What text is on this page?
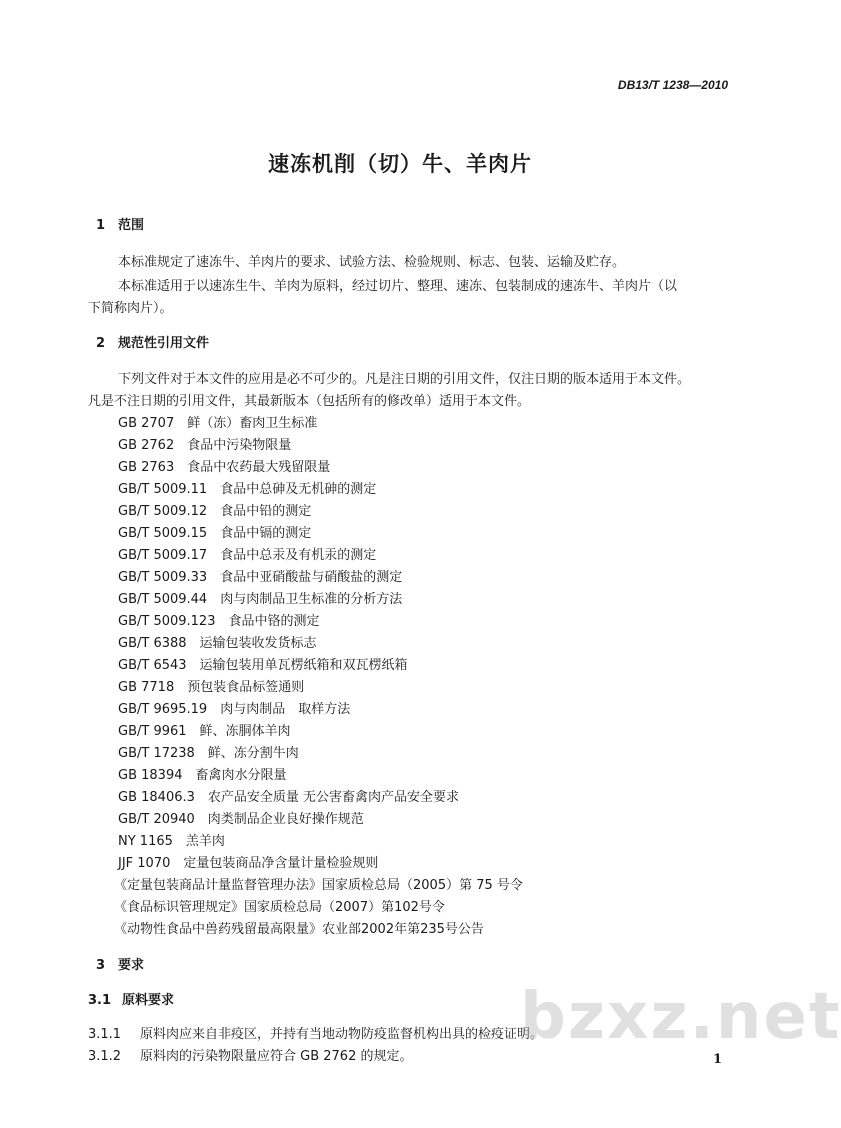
DB13/T 1238—2010
速冻机削（切）牛、羊肉片
1 范围
本标准规定了速冻牛、羊肉片的要求、试验方法、检验规则、标志、包装、运输及贮存。
本标准适用于以速冻生牛、羊肉为原料，经过切片、整理、速冻、包装制成的速冻牛、羊肉片（以
下简称肉片）。
2 规范性引用文件
下列文件对于本文件的应用是必不可少的。凡是注日期的引用文件，仅注日期的版本适用于本文件。
凡是不注日期的引用文件，其最新版本（包括所有的修改单）适用于本文件。
GB 2707　鲜（冻）畜肉卫生标准
GB 2762　食品中污染物限量
GB 2763　食品中农药最大残留限量
GB/T 5009.11　食品中总砷及无机砷的测定
GB/T 5009.12　食品中铅的测定
GB/T 5009.15　食品中镉的测定
GB/T 5009.17　食品中总汞及有机汞的测定
GB/T 5009.33　食品中亚硝酸盐与硝酸盐的测定
GB/T 5009.44　肉与肉制品卫生标准的分析方法
GB/T 5009.123　食品中铬的测定
GB/T 6388　运输包装收发货标志
GB/T 6543　运输包装用单瓦楞纸箱和双瓦楞纸箱
GB 7718　预包装食品标签通则
GB/T 9695.19　肉与肉制品　取样方法
GB/T 9961　鲜、冻胴体羊肉
GB/T 17238　鲜、冻分割牛肉
GB 18394　畜禽肉水分限量
GB 18406.3　农产品安全质量 无公害畜禽肉产品安全要求
GB/T 20940　肉类制品企业良好操作规范
NY 1165　羔羊肉
JJF 1070　定量包装商品净含量计量检验规则
《定量包装商品计量监督管理办法》国家质检总局（2005）第 75 号令
《食品标识管理规定》国家质检总局（2007）第102号令
《动物性食品中兽药残留最高限量》农业部2002年第235号公告
3 要求
3.1 原料要求
3.1.1 原料肉应来自非疫区，并持有当地动物防疫监督机构出具的检疫证明。
3.1.2 原料肉的污染物限量应符合 GB 2762 的规定。
bzxz.net
1
